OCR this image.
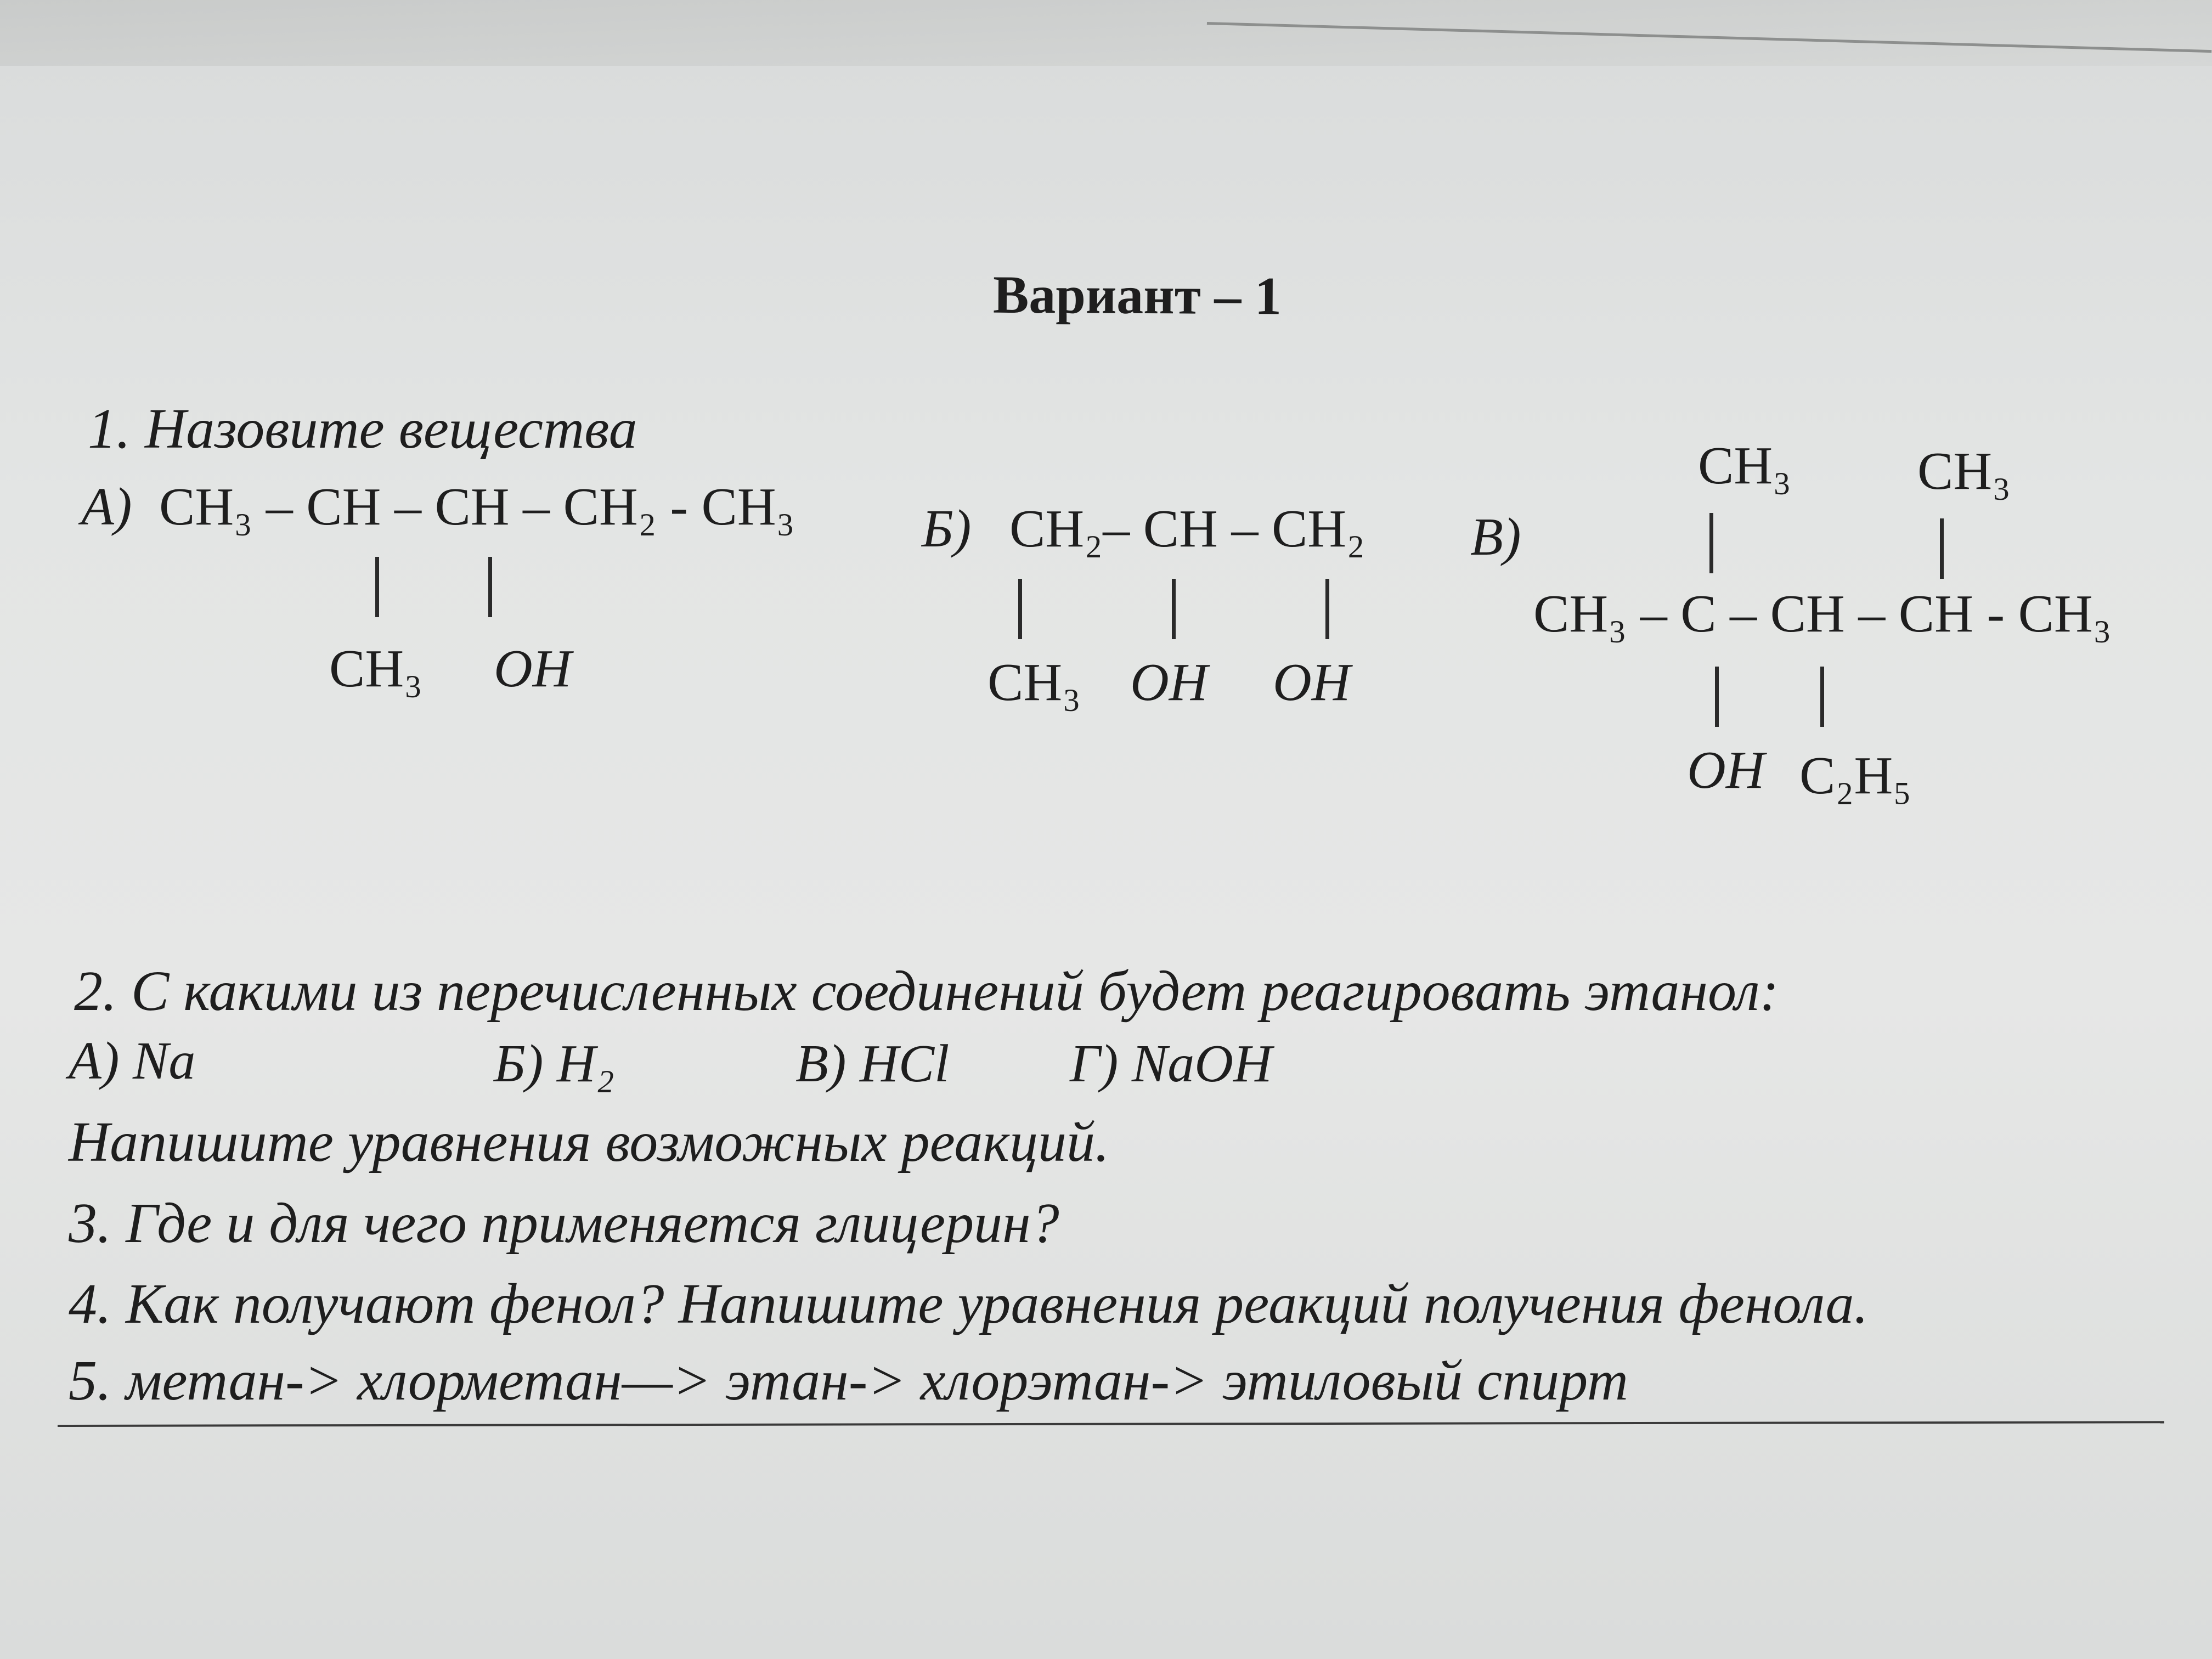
Вариант – 1
1. Назовите вещества
А) CH₃ – CH – CH – CH₂ - CH₃
CH₃ OH
Б) CH₂– CH – CH₂
CH₃ OH OH
В)
CH₃ CH₃
CH₃ – C – CH – CH - CH₃
OH C₂H₅
2. С какими из перечисленных соединений будет реагировать этанол:
А) Na	Б) H₂	В) HCl Г) NaOH
Напишите уравнения возможных реакций.
3. Где и для чего применяется глицерин?
4. Как получают фенол? Напишите уравнения реакций получения фенола.
5. метан-> хлорметан—> этан-> хлорэтан-> этиловый спирт
